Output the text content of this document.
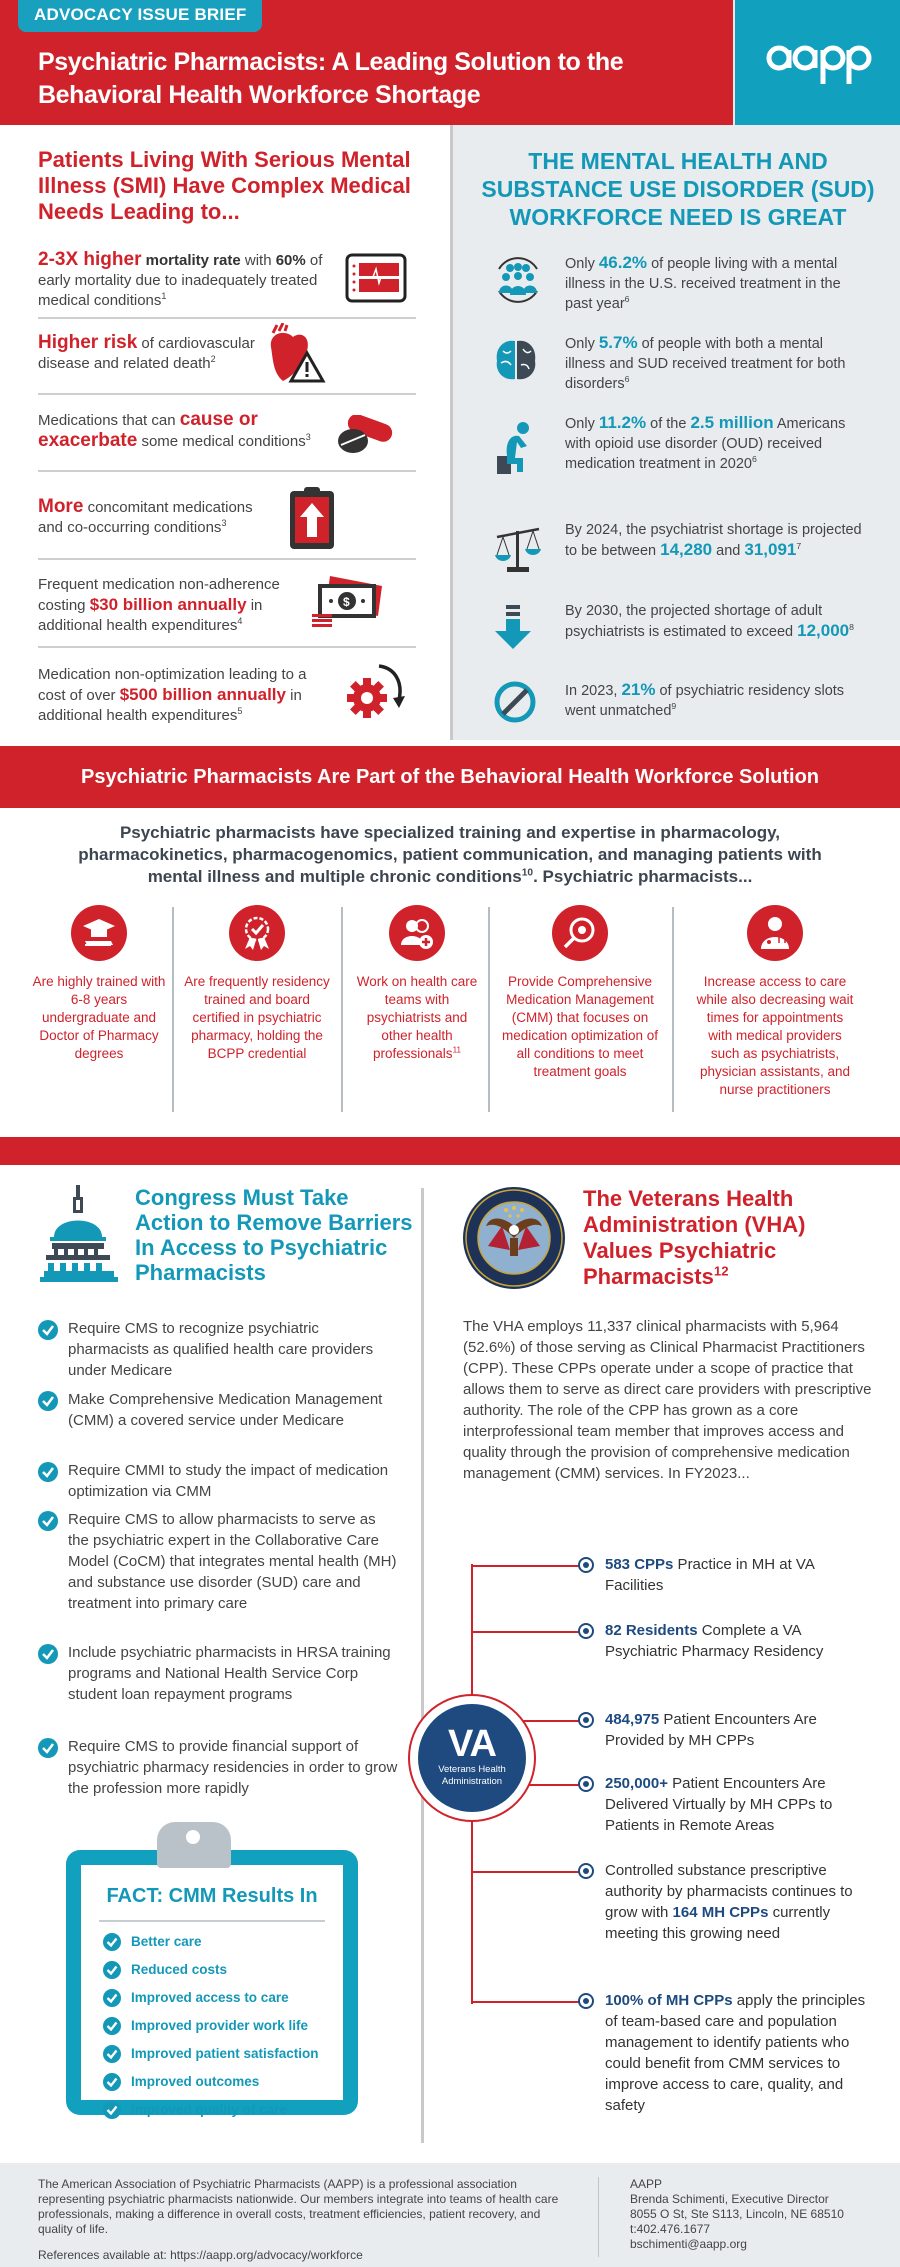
ADVOCACY ISSUE BRIEF
Psychiatric Pharmacists: A Leading Solution to the Behavioral Health Workforce Shortage
Patients Living With Serious Mental Illness (SMI) Have Complex Medical Needs Leading to...
2-3X higher mortality rate with 60% of early mortality due to inadequately treated medical conditions$^1$
Higher risk of cardiovascular disease and related death$^2$
Medications that can cause or exacerbate some medical conditions$^3$
More concomitant medications and co-occurring conditions$^3$
Frequent medication non-adherence costing $30 billion annually in additional health expenditures$^4$
$
Medication non-optimization leading to a cost of over $500 billion annually in additional health expenditures$^5$
THE MENTAL HEALTH AND SUBSTANCE USE DISORDER (SUD) WORKFORCE NEED IS GREAT
Only 46.2% of people living with a mental illness in the U.S. received treatment in the past year$^6$
Only 5.7% of people with both a mental illness and SUD received treatment for both disorders$^6$
Only 11.2% of the 2.5 million Americans with opioid use disorder (OUD) received medication treatment in 2020$^6$
By 2024, the psychiatrist shortage is projected to be between 14,280 and 31,091$^7$
By 2030, the projected shortage of adult psychiatrists is estimated to exceed 12,000$^8$
In 2023, 21% of psychiatric residency slots went unmatched$^9$
Psychiatric Pharmacists Are Part of the Behavioral Health Workforce Solution
Psychiatric pharmacists have specialized training and expertise in pharmacology, pharmacokinetics, pharmacogenomics, patient communication, and managing patients with mental illness and multiple chronic conditions$^{10}$. Psychiatric pharmacists...
Are highly trained with 6-8 years undergraduate and Doctor of Pharmacy degrees
Are frequently residency trained and board certified in psychiatric pharmacy, holding the BCPP credential
Work on health care teams with psychiatrists and other health professionals$^{11}$
Provide Comprehensive Medication Management (CMM) that focuses on medication optimization of all conditions to meet treatment goals
Increase access to care while also decreasing wait times for appointments with medical providers such as psychiatrists, physician assistants, and nurse practitioners
Congress Must Take Action to Remove Barriers In Access to Psychiatric Pharmacists
Require CMS to recognize psychiatric pharmacists as qualified health care providers under Medicare
Make Comprehensive Medication Management (CMM) a covered service under Medicare
Require CMMI to study the impact of medication optimization via CMM
Require CMS to allow pharmacists to serve as the psychiatric expert in the Collaborative Care Model (CoCM) that integrates mental health (MH) and substance use disorder (SUD) care and treatment into primary care
Include psychiatric pharmacists in HRSA training programs and National Health Service Corp student loan repayment programs
Require CMS to provide financial support of psychiatric pharmacy residencies in order to grow the profession more rapidly
FACT: CMM Results In
Better care
Reduced costs
Improved access to care
Improved provider work life
Improved patient satisfaction
Improved outcomes
Improved quality of care
The Veterans Health Administration (VHA) Values Psychiatric Pharmacists$^{12}$
The VHA employs 11,337 clinical pharmacists with 5,964 (52.6%) of those serving as Clinical Pharmacist Practitioners (CPP). These CPPs operate under a scope of practice that allows them to serve as direct care providers with prescriptive authority. The role of the CPP has grown as a core interprofessional team member that improves access and quality through the provision of comprehensive medication management (CMM) services. In FY2023...
VA
Veterans Health Administration
583 CPPs Practice in MH at VA Facilities
82 Residents Complete a VA Psychiatric Pharmacy Residency
484,975 Patient Encounters Are Provided by MH CPPs
250,000+ Patient Encounters Are Delivered Virtually by MH CPPs to Patients in Remote Areas
Controlled substance prescriptive authority by pharmacists continues to grow with 164 MH CPPs currently meeting this growing need
100% of MH CPPs apply the principles of team-based care and population management to identify patients who could benefit from CMM services to improve access to care, quality, and safety
The American Association of Psychiatric Pharmacists (AAPP) is a professional association representing psychiatric pharmacists nationwide. Our members integrate into teams of health care professionals, making a difference in overall costs, treatment efficiencies, patient recovery, and quality of life.
References available at: https://aapp.org/advocacy/workforce
AAPP
Brenda Schimenti, Executive Director
8055 O St, Ste S113, Lincoln, NE 68510
t:402.476.1677
bschimenti@aapp.org
